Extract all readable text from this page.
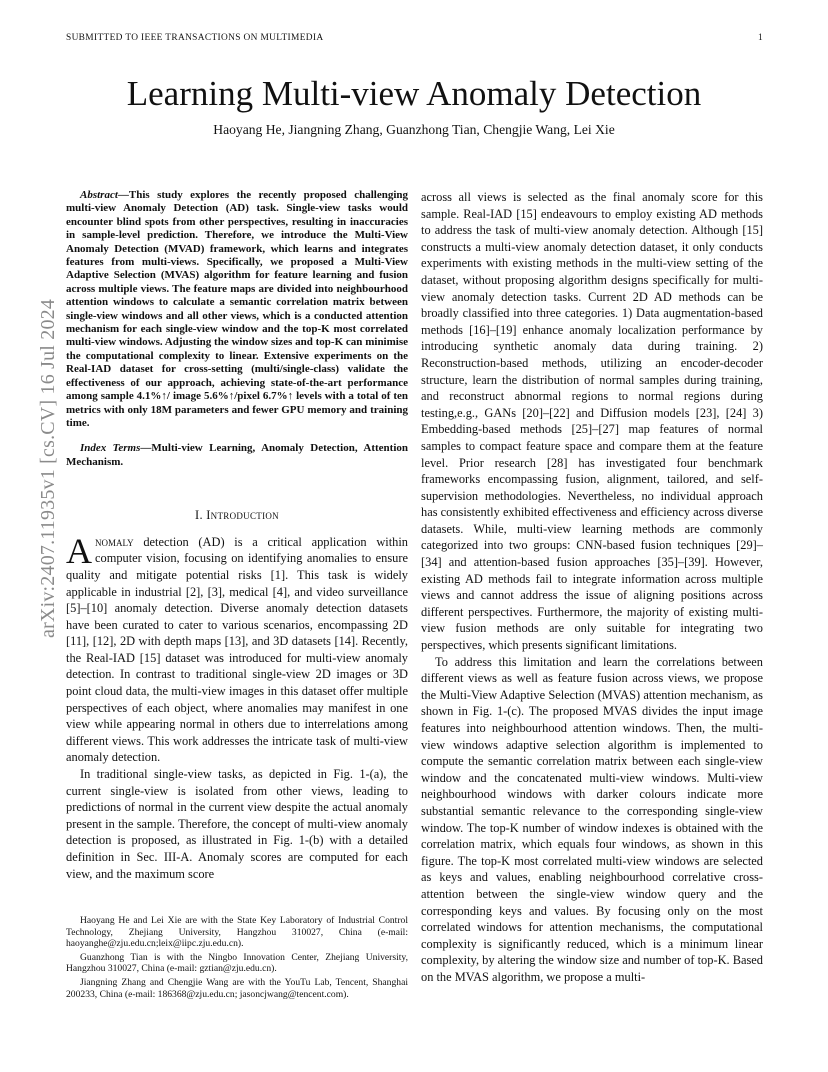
SUBMITTED TO IEEE TRANSACTIONS ON MULTIMEDIA	1
arXiv:2407.11935v1 [cs.CV] 16 Jul 2024
Learning Multi-view Anomaly Detection
Haoyang He, Jiangning Zhang, Guanzhong Tian, Chengjie Wang, Lei Xie

Abstract—This study explores the recently proposed challenging multi-view Anomaly Detection (AD) task. Single-view tasks would encounter blind spots from other perspectives, resulting in inaccuracies in sample-level prediction. Therefore, we introduce the Multi-View Anomaly Detection (MVAD) framework, which learns and integrates features from multi-views. Specifically, we proposed a Multi-View Adaptive Selection (MVAS) algorithm for feature learning and fusion across multiple views. The feature maps are divided into neighbourhood attention windows to calculate a semantic correlation matrix between single-view windows and all other views, which is a conducted attention mechanism for each single-view window and the top-K most correlated multi-view windows. Adjusting the window sizes and top-K can minimise the computational complexity to linear. Extensive experiments on the Real-IAD dataset for cross-setting (multi/single-class) validate the effectiveness of our approach, achieving state-of-the-art performance among sample 4.1%↑/ image 5.6%↑/pixel 6.7%↑ levels with a total of ten metrics with only 18M parameters and fewer GPU memory and training time.

Index Terms—Multi-view Learning, Anomaly Detection, Attention Mechanism.

I. Introduction

Anomaly detection (AD) is a critical application within computer vision, focusing on identifying anomalies to ensure quality and mitigate potential risks [1]. This task is widely applicable in industrial [2], [3], medical [4], and video surveillance [5]–[10] anomaly detection. Diverse anomaly detection datasets have been curated to cater to various scenarios, encompassing 2D [11], [12], 2D with depth maps [13], and 3D datasets [14]. Recently, the Real-IAD [15] dataset was introduced for multi-view anomaly detection. In contrast to traditional single-view 2D images or 3D point cloud data, the multi-view images in this dataset offer multiple perspectives of each object, where anomalies may manifest in one view while appearing normal in others due to interrelations among different views. This work addresses the intricate task of multi-view anomaly detection.

In traditional single-view tasks, as depicted in Fig. 1-(a), the current single-view is isolated from other views, leading to predictions of normal in the current view despite the actual anomaly present in the sample. Therefore, the concept of multi-view anomaly detection is proposed, as illustrated in Fig. 1-(b) with a detailed definition in Sec. III-A. Anomaly scores are computed for each view, and the maximum score

Haoyang He and Lei Xie are with the State Key Laboratory of Industrial Control Technology, Zhejiang University, Hangzhou 310027, China (e-mail: haoyanghe@zju.edu.cn;leix@iipc.zju.edu.cn).

Guanzhong Tian is with the Ningbo Innovation Center, Zhejiang University, Hangzhou 310027, China (e-mail: gztian@zju.edu.cn).

Jiangning Zhang and Chengjie Wang are with the YouTu Lab, Tencent, Shanghai 200233, China (e-mail: 186368@zju.edu.cn; jasoncjwang@tencent.com).

across all views is selected as the final anomaly score for this sample. Real-IAD [15] endeavours to employ existing AD methods to address the task of multi-view anomaly detection. Although [15] constructs a multi-view anomaly detection dataset, it only conducts experiments with existing methods in the multi-view setting of the dataset, without proposing algorithm designs specifically for multi-view anomaly detection tasks. Current 2D AD methods can be broadly classified into three categories. 1) Data augmentation-based methods [16]–[19] enhance anomaly localization performance by introducing synthetic anomaly data during training. 2) Reconstruction-based methods, utilizing an encoder-decoder structure, learn the distribution of normal samples during training, and reconstruct abnormal regions to normal regions during testing,e.g., GANs [20]–[22] and Diffusion models [23], [24] 3) Embedding-based methods [25]–[27] map features of normal samples to compact feature space and compare them at the feature level. Prior research [28] has investigated four benchmark frameworks encompassing fusion, alignment, tailored, and self-supervision methodologies. Nevertheless, no individual approach has consistently exhibited effectiveness and efficiency across diverse datasets. While, multi-view learning methods are commonly categorized into two groups: CNN-based fusion techniques [29]–[34] and attention-based fusion approaches [35]–[39]. However, existing AD methods fail to integrate information across multiple views and cannot address the issue of aligning positions across different perspectives. Furthermore, the majority of existing multi-view fusion methods are only suitable for integrating two perspectives, which presents significant limitations.

To address this limitation and learn the correlations between different views as well as feature fusion across views, we propose the Multi-View Adaptive Selection (MVAS) attention mechanism, as shown in Fig. 1-(c). The proposed MVAS divides the input image features into neighbourhood attention windows. Then, the multi-view windows adaptive selection algorithm is implemented to compute the semantic correlation matrix between each single-view window and the concatenated multi-view windows. Multi-view neighbourhood windows with darker colours indicate more substantial semantic relevance to the corresponding single-view window. The top-K number of window indexes is obtained with the correlation matrix, which equals four windows, as shown in this figure. The top-K most correlated multi-view windows are selected as keys and values, enabling neighbourhood correlative cross-attention between the single-view window query and the corresponding keys and values. By focusing only on the most correlated windows for attention mechanisms, the computational complexity is significantly reduced, which is a minimum linear complexity, by altering the window size and number of top-K. Based on the MVAS algorithm, we propose a multi-
